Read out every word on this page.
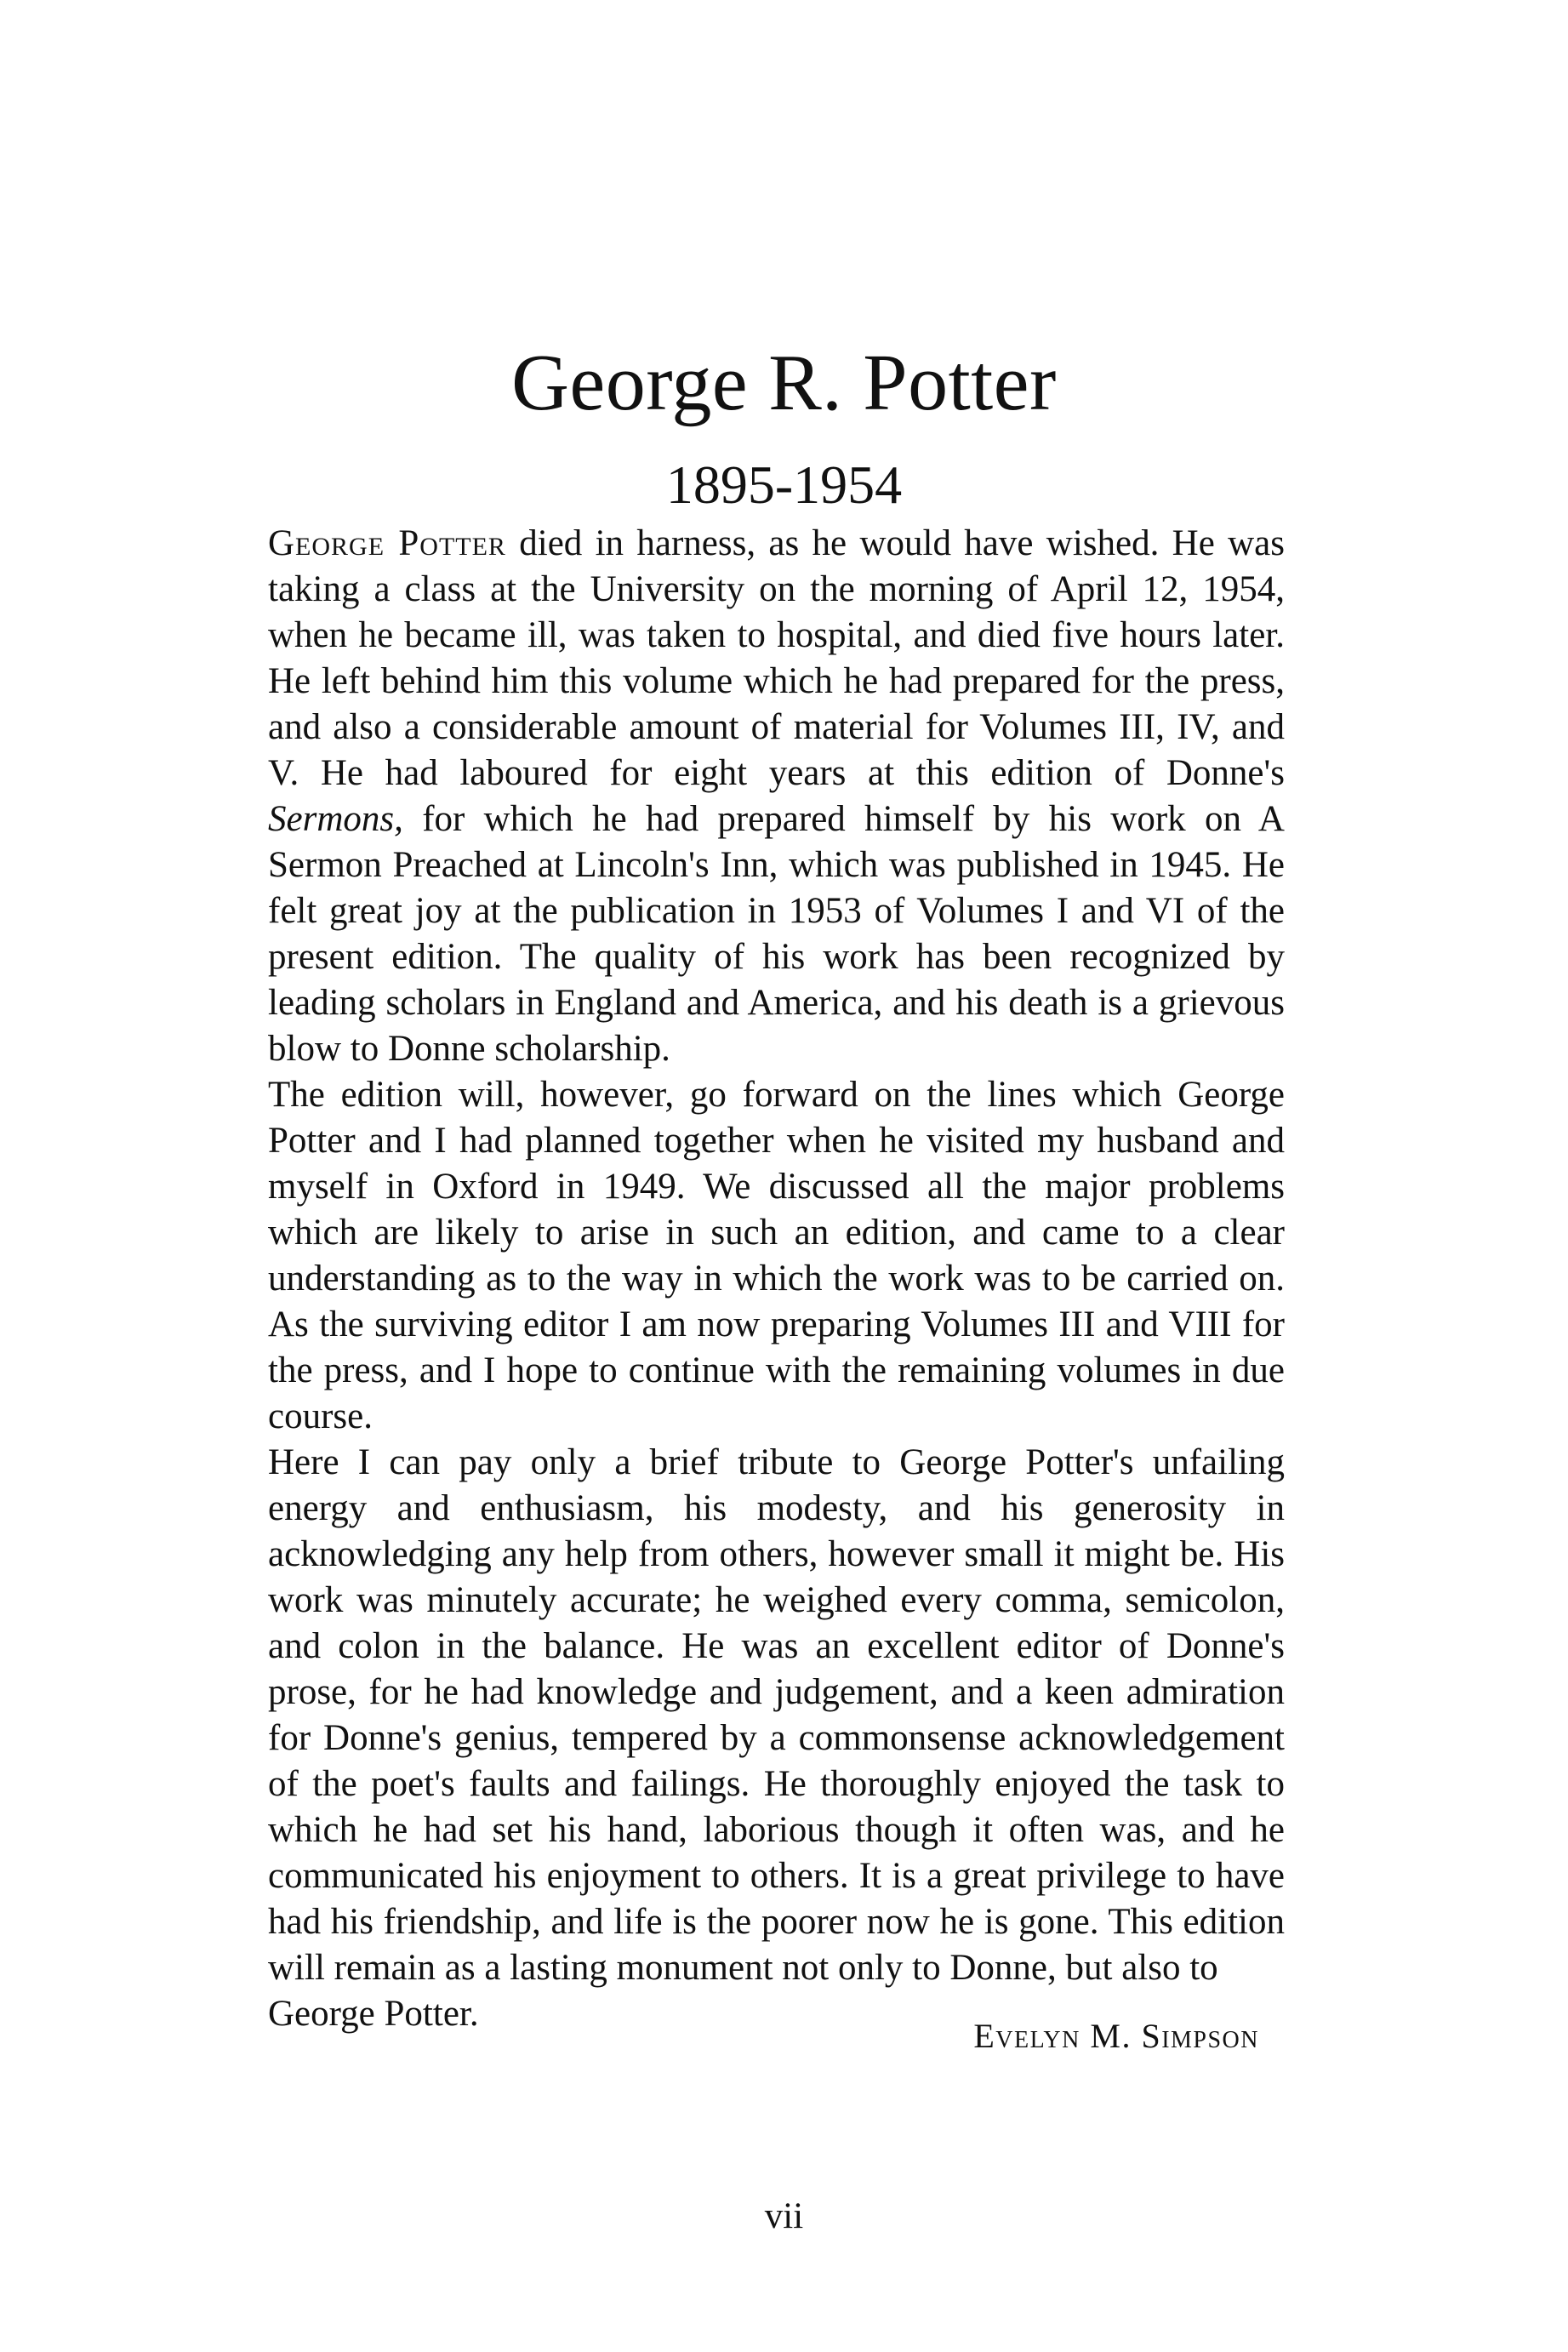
George R. Potter
1895-1954

George Potter died in harness, as he would have wished. He was taking a class at the University on the morning of April 12, 1954, when he became ill, was taken to hospital, and died five hours later. He left behind him this volume which he had prepared for the press, and also a considerable amount of material for Volumes III, IV, and V. He had laboured for eight years at this edition of Donne's Sermons, for which he had prepared himself by his work on A Sermon Preached at Lincoln's Inn, which was published in 1945. He felt great joy at the publication in 1953 of Volumes I and VI of the present edition. The quality of his work has been recognized by leading scholars in England and America, and his death is a grievous blow to Donne scholarship.

The edition will, however, go forward on the lines which George Potter and I had planned together when he visited my husband and myself in Oxford in 1949. We discussed all the major problems which are likely to arise in such an edition, and came to a clear understanding as to the way in which the work was to be carried on. As the surviving editor I am now preparing Volumes III and VIII for the press, and I hope to continue with the remaining volumes in due course.

Here I can pay only a brief tribute to George Potter's unfailing energy and enthusiasm, his modesty, and his generosity in acknowledging any help from others, however small it might be. His work was minutely accurate; he weighed every comma, semicolon, and colon in the balance. He was an excellent editor of Donne's prose, for he had knowledge and judgement, and a keen admiration for Donne's genius, tempered by a commonsense acknowledgement of the poet's faults and failings. He thoroughly enjoyed the task to which he had set his hand, laborious though it often was, and he communicated his enjoyment to others. It is a great privilege to have had his friendship, and life is the poorer now he is gone. This edition will remain as a lasting monument not only to Donne, but also to

George Potter.
Evelyn M. Simpson
vii
